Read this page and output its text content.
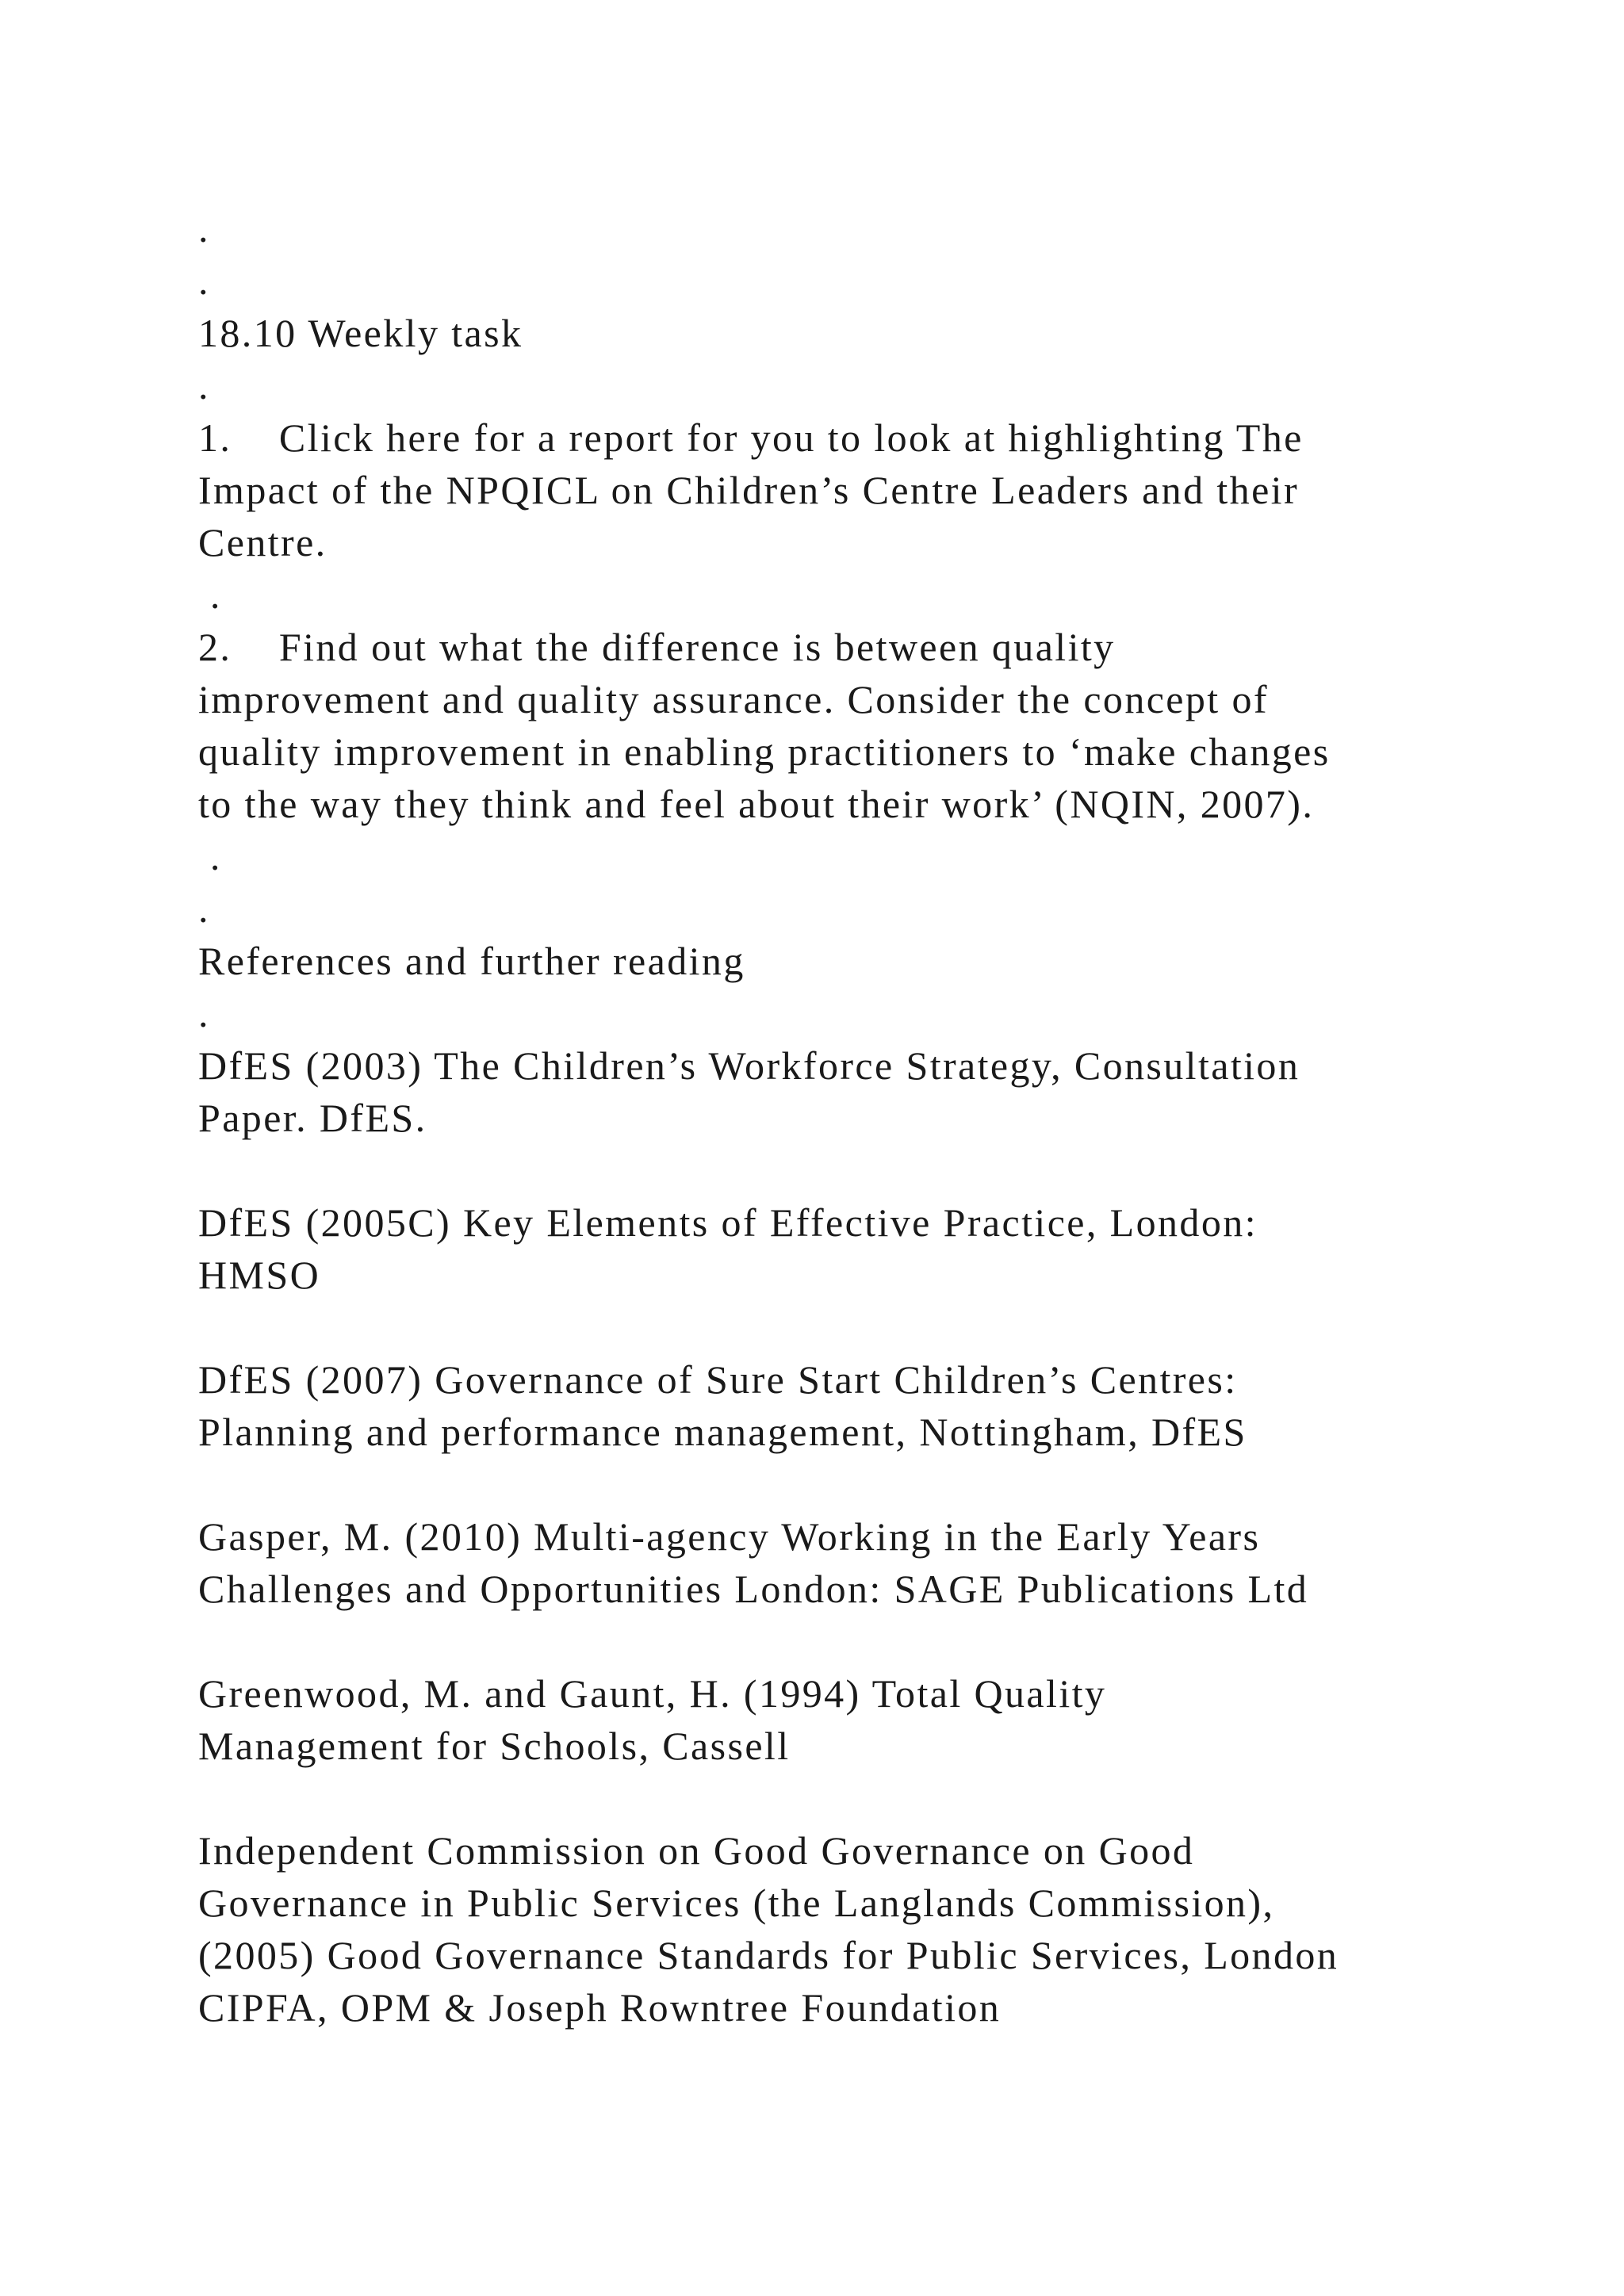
.
.
18.10 Weekly task
.
1.    Click here for a report for you to look at highlighting The
Impact of the NPQICL on Children’s Centre Leaders and their
Centre.
.
2.    Find out what the difference is between quality
improvement and quality assurance. Consider the concept of
quality improvement in enabling practitioners to ‘make changes
to the way they think and feel about their work’ (NQIN, 2007).
.
.
References and further reading
.
DfES (2003) The Children’s Workforce Strategy, Consultation
Paper. DfES.
DfES (2005C) Key Elements of Effective Practice, London:
HMSO
DfES (2007) Governance of Sure Start Children’s Centres:
Planning and performance management, Nottingham, DfES
Gasper, M. (2010) Multi-agency Working in the Early Years
Challenges and Opportunities London: SAGE Publications Ltd
Greenwood, M. and Gaunt, H. (1994) Total Quality
Management for Schools, Cassell
Independent Commission on Good Governance on Good
Governance in Public Services (the Langlands Commission),
(2005) Good Governance Standards for Public Services, London
CIPFA, OPM & Joseph Rowntree Foundation
